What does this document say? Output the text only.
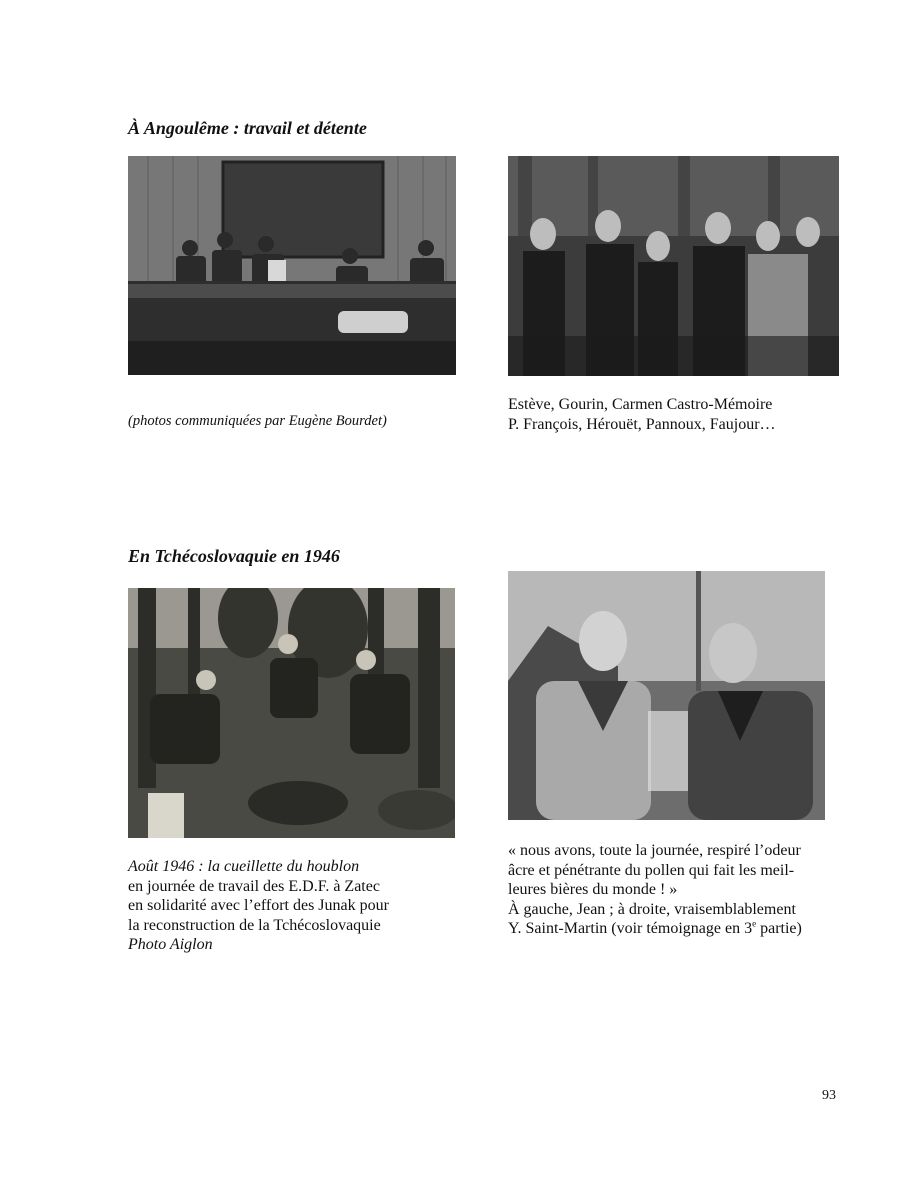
À Angoulême : travail et détente
(photos communiquées par Eugène Bourdet)
Estève, Gourin, Carmen Castro-Mémoire
P. François, Hérouët, Pannoux, Faujour…
En Tchécoslovaquie en 1946
Août 1946 : la cueillette du houblon
en journée de travail des E.D.F. à Zatec
en solidarité avec l’effort des Junak pour
la reconstruction de la Tchécoslovaquie
Photo Aiglon
« nous avons, toute la journée, respiré l’odeur
âcre et pénétrante du pollen qui fait les meil-
leures bières du monde ! »
À gauche, Jean ; à droite, vraisemblablement
Y. Saint-Martin (voir témoignage en 3e partie)
93
